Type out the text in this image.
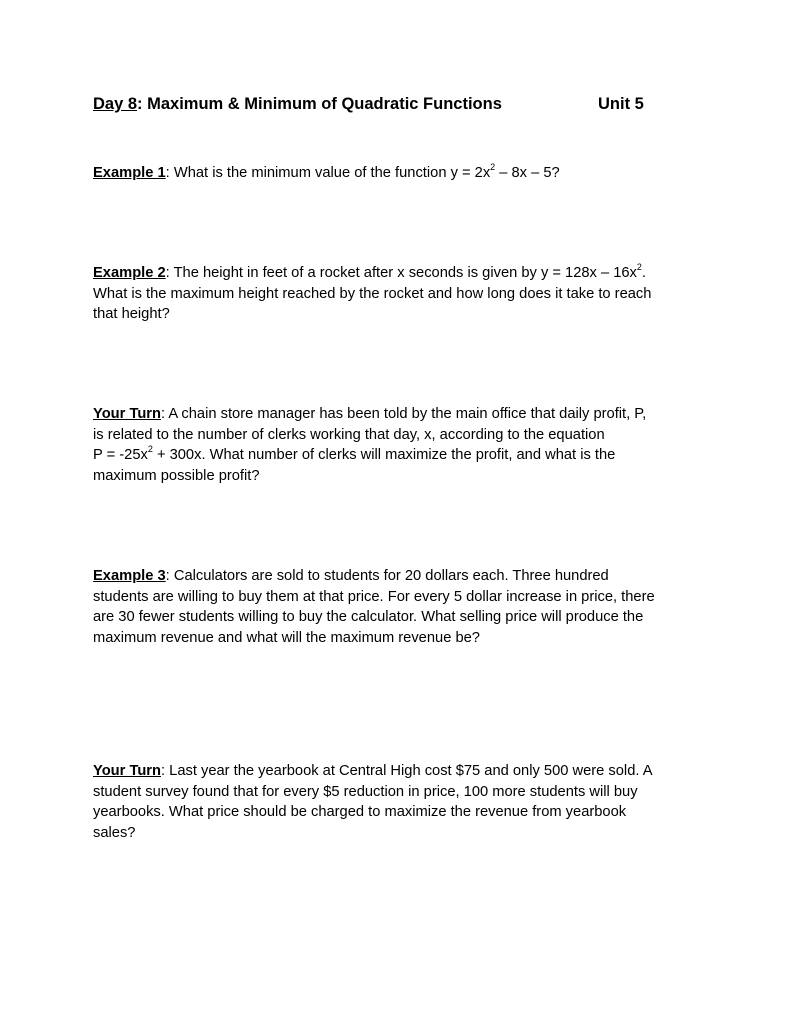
Day 8: Maximum & Minimum of Quadratic Functions	Unit 5
Example 1: What is the minimum value of the function $y = 2x^2 - 8x - 5$?
Example 2: The height in feet of a rocket after x seconds is given by $y = 128x - 16x^2$.
What is the maximum height reached by the rocket and how long does it take to reach
that height?
Your Turn: A chain store manager has been told by the main office that daily profit, P,
is related to the number of clerks working that day, x, according to the equation
$P = -25x^2 + 300x$. What number of clerks will maximize the profit, and what is the
maximum possible profit?
Example 3: Calculators are sold to students for 20 dollars each. Three hundred
students are willing to buy them at that price. For every 5 dollar increase in price, there
are 30 fewer students willing to buy the calculator. What selling price will produce the
maximum revenue and what will the maximum revenue be?
Your Turn: Last year the yearbook at Central High cost $75 and only 500 were sold. A
student survey found that for every $5 reduction in price, 100 more students will buy
yearbooks. What price should be charged to maximize the revenue from yearbook
sales?
